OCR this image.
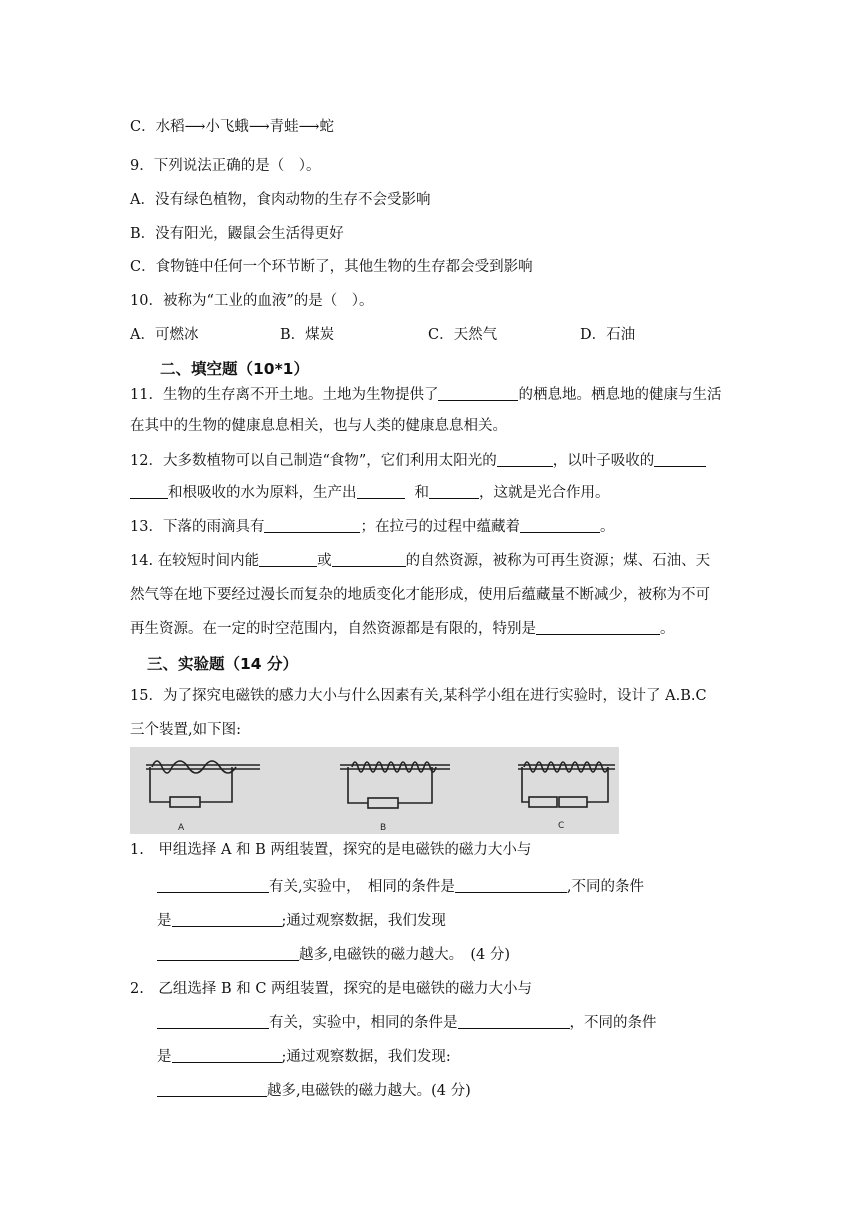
C．水稻⟶小飞蛾⟶青蛙⟶蛇
9．下列说法正确的是（　）。
A．没有绿色植物，食肉动物的生存不会受影响
B．没有阳光，鼹鼠会生活得更好
C．食物链中任何一个环节断了，其他生物的生存都会受到影响
10．被称为“工业的血液”的是（　）。
A．可燃冰	B．煤炭	C．天然气	D．石油
二、填空题（10*1）
11．生物的生存离不开土地。土地为生物提供了	的栖息地。栖息地的健康与生活
在其中的生物的健康息息相关，也与人类的健康息息相关。
12．大多数植物可以自己制造“食物”，它们利用太阳光的	，以叶子吸收的
和根吸收的水为原料，生产出	和	，这就是光合作用。
13．下落的雨滴具有	；在拉弓的过程中蕴藏着	。
14. 在较短时间内能	或	的自然资源，被称为可再生资源；煤、石油、天
然气等在地下要经过漫长而复杂的地质变化才能形成，使用后蕴藏量不断减少，被称为不可
再生资源。在一定的时空范围内，自然资源都是有限的，特别是	。
三、实验题（14 分）
15．为了探究电磁铁的感力大小与什么因素有关,某科学小组在进行实验时，设计了 A.B.C
三个装置,如下图:
A	B	C
1.　甲组选择 A 和 B 两组装置，探究的是电磁铁的磁力大小与
有关,实验中，　相同的条件是	,不同的条件
是	;通过观察数据，我们发现
越多,电磁铁的磁力越大。　(4 分)
2.　乙组选择 B 和 C 两组装置，探究的是电磁铁的磁力大小与
有关，实验中，相同的条件是	，不同的条件
是	;通过观察数据，我们发现:
越多,电磁铁的磁力越大。(4 分)
